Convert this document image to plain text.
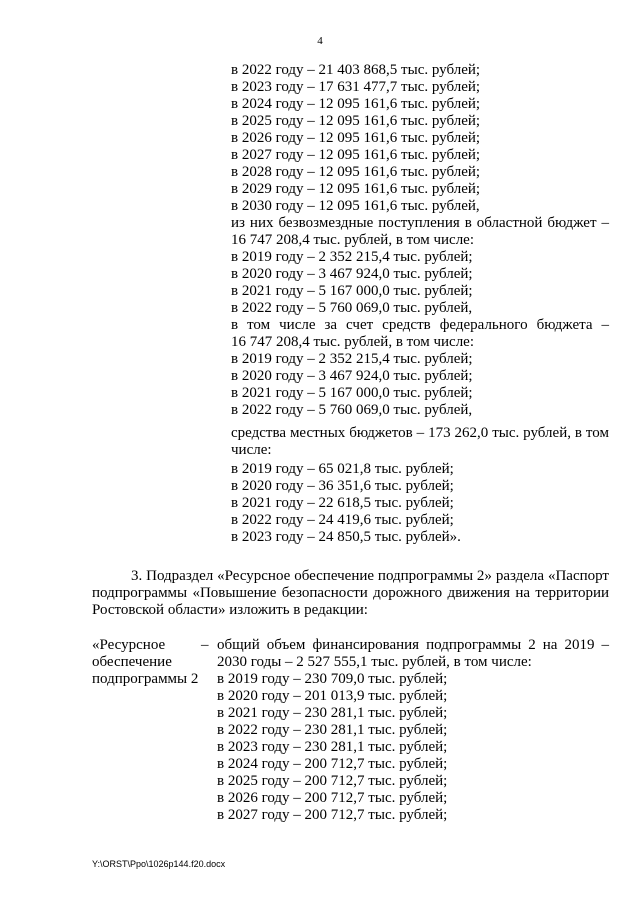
4
в 2022 году – 21 403 868,5 тыс. рублей;
в 2023 году – 17 631 477,7 тыс. рублей;
в 2024 году – 12 095 161,6 тыс. рублей;
в 2025 году – 12 095 161,6 тыс. рублей;
в 2026 году – 12 095 161,6 тыс. рублей;
в 2027 году – 12 095 161,6 тыс. рублей;
в 2028 году – 12 095 161,6 тыс. рублей;
в 2029 году – 12 095 161,6 тыс. рублей;
в 2030 году – 12 095 161,6 тыс. рублей,
из них безвозмездные поступления в областной бюджет –
16 747 208,4 тыс. рублей, в том числе:
в 2019 году – 2 352 215,4 тыс. рублей;
в 2020 году – 3 467 924,0 тыс. рублей;
в 2021 году – 5 167 000,0 тыс. рублей;
в 2022 году – 5 760 069,0 тыс. рублей,
в том числе за счет средств федерального бюджета –
16 747 208,4 тыс. рублей, в том числе:
в 2019 году – 2 352 215,4 тыс. рублей;
в 2020 году – 3 467 924,0 тыс. рублей;
в 2021 году – 5 167 000,0 тыс. рублей;
в 2022 году – 5 760 069,0 тыс. рублей,
средства местных бюджетов – 173 262,0 тыс. рублей, в том
числе:
в 2019 году – 65 021,8 тыс. рублей;
в 2020 году – 36 351,6 тыс. рублей;
в 2021 году – 22 618,5 тыс. рублей;
в 2022 году – 24 419,6 тыс. рублей;
в 2023 году – 24 850,5 тыс. рублей».
3. Подраздел «Ресурсное обеспечение подпрограммы 2» раздела «Паспорт
подпрограммы «Повышение безопасности дорожного движения на территории
Ростовской области» изложить в редакции:
«Ресурсное
обеспечение
подпрограммы 2
– общий объем финансирования подпрограммы 2 на 2019 –
2030 годы – 2 527 555,1 тыс. рублей, в том числе:
в 2019 году – 230 709,0 тыс. рублей;
в 2020 году – 201 013,9 тыс. рублей;
в 2021 году – 230 281,1 тыс. рублей;
в 2022 году – 230 281,1 тыс. рублей;
в 2023 году – 230 281,1 тыс. рублей;
в 2024 году – 200 712,7 тыс. рублей;
в 2025 году – 200 712,7 тыс. рублей;
в 2026 году – 200 712,7 тыс. рублей;
в 2027 году – 200 712,7 тыс. рублей;
Y:\ORST\Ppo\1026p144.f20.docx
